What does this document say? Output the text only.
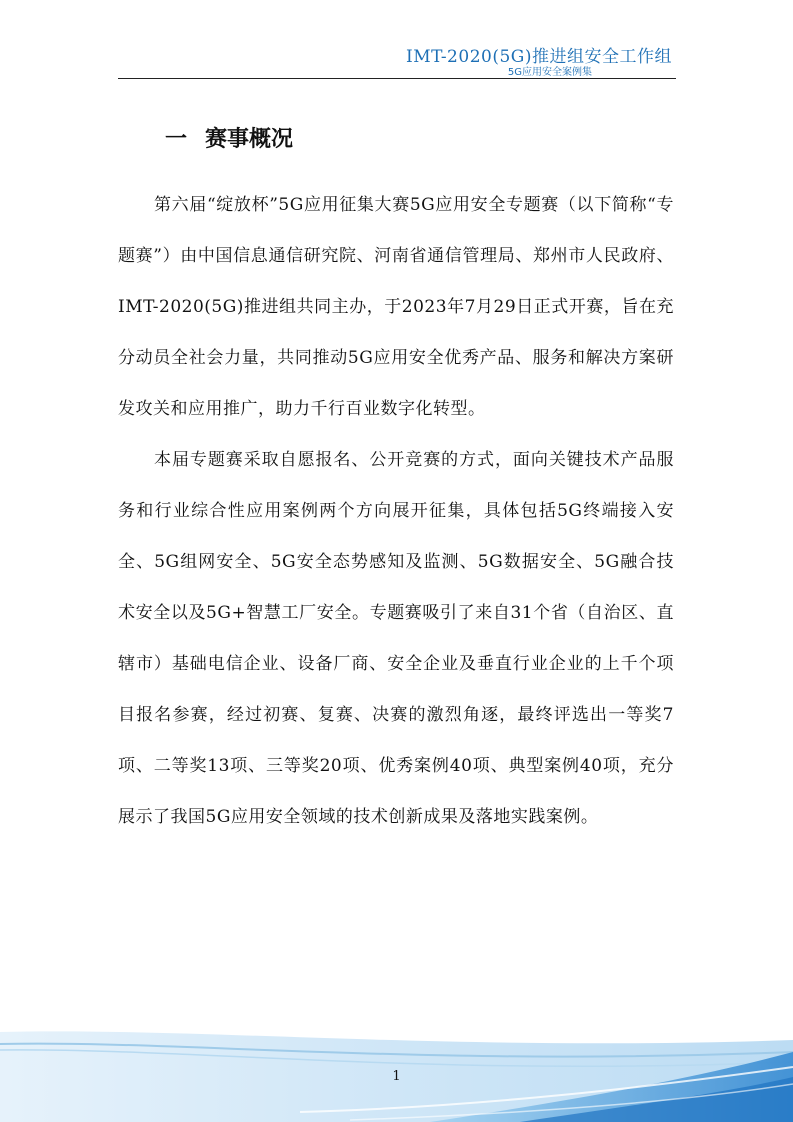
IMT-2020(5G)推进组安全工作组
5G应用安全案例集
一 赛事概况

第六届“绽放杯”5G应用征集大赛5G应用安全专题赛（以下简称“专题赛”）由中国信息通信研究院、河南省通信管理局、郑州市人民政府、IMT-2020(5G)推进组共同主办，于2023年7月29日正式开赛，旨在充分动员全社会力量，共同推动5G应用安全优秀产品、服务和解决方案研发攻关和应用推广，助力千行百业数字化转型。

本届专题赛采取自愿报名、公开竞赛的方式，面向关键技术产品服务和行业综合性应用案例两个方向展开征集，具体包括5G终端接入安全、5G组网安全、5G安全态势感知及监测、5G数据安全、5G融合技术安全以及5G+智慧工厂安全。专题赛吸引了来自31个省（自治区、直辖市）基础电信企业、设备厂商、安全企业及垂直行业企业的上千个项目报名参赛，经过初赛、复赛、决赛的激烈角逐，最终评选出一等奖7项、二等奖13项、三等奖20项、优秀案例40项、典型案例40项，充分展示了我国5G应用安全领域的技术创新成果及落地实践案例。

1
